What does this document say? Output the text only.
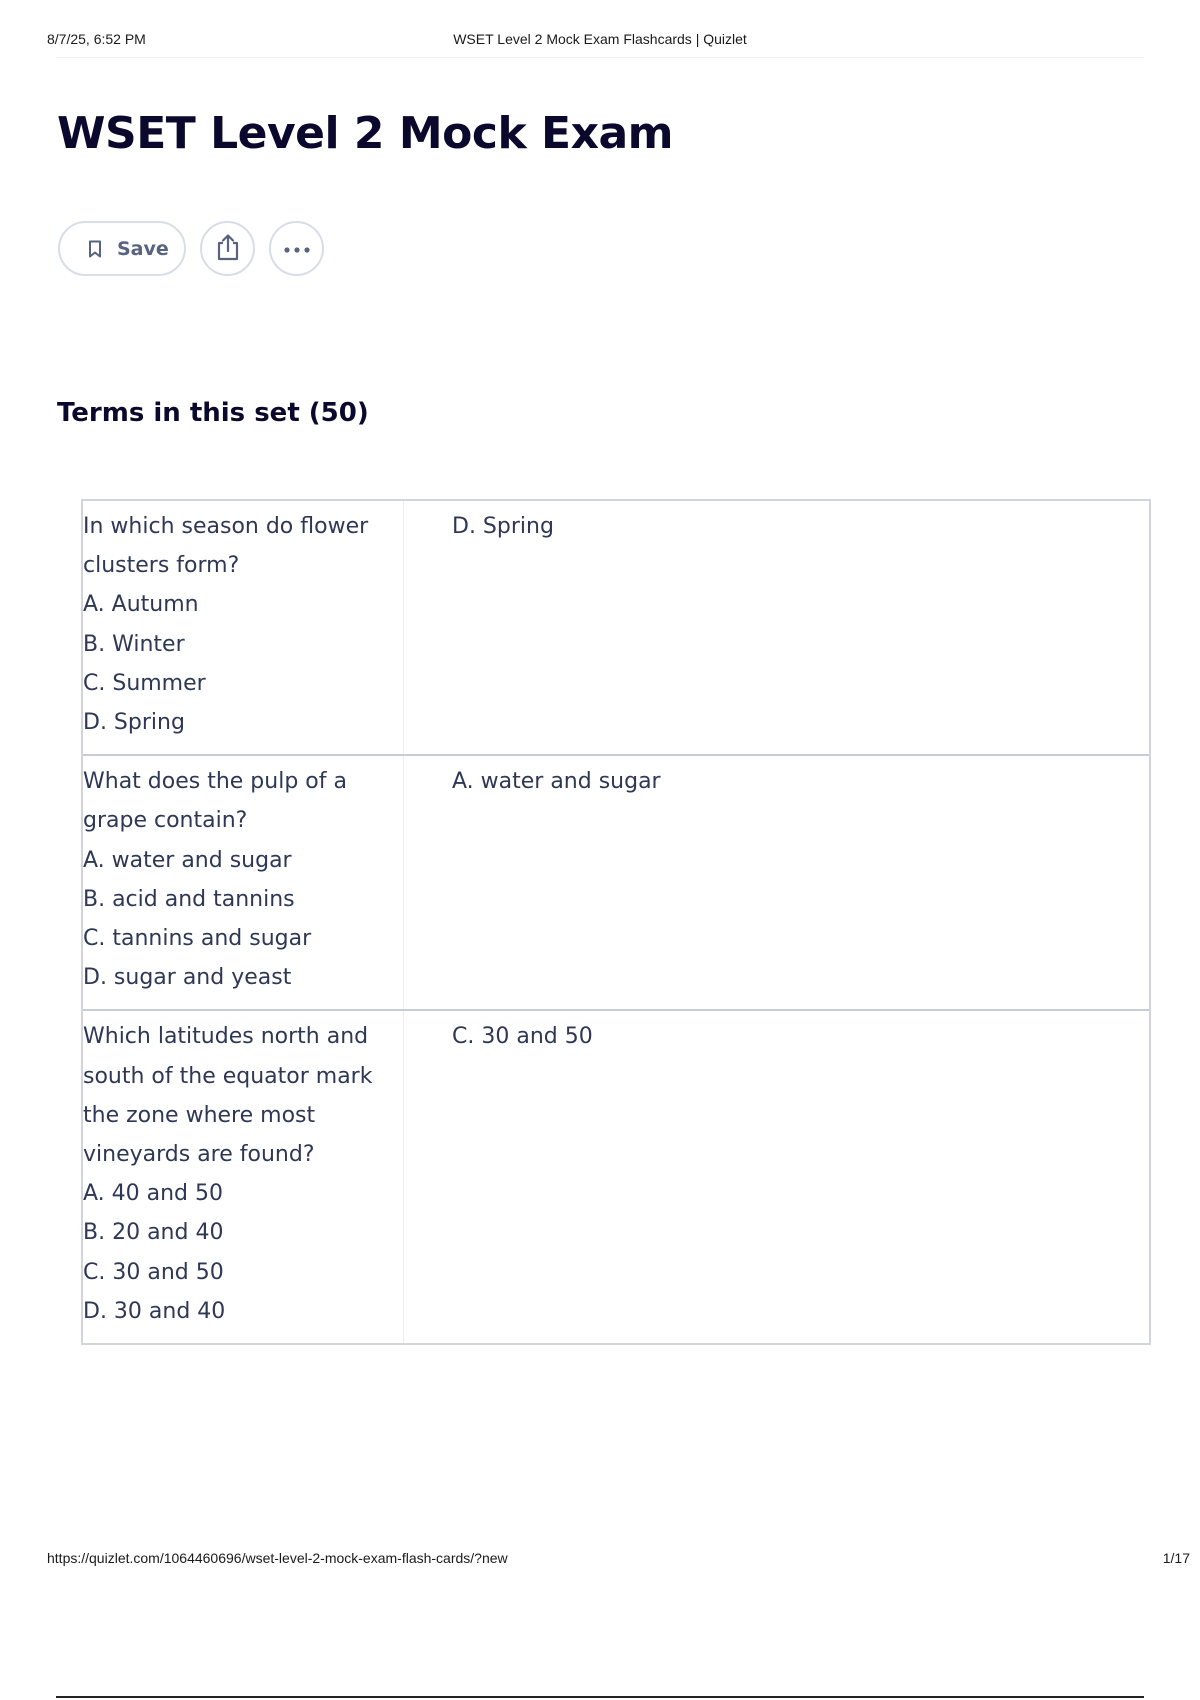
8/7/25, 6:52 PM	WSET Level 2 Mock Exam Flashcards | Quizlet
WSET Level 2 Mock Exam
Save
Terms in this set (50)
In which season do flower
clusters form?
A. Autumn
B. Winter
C. Summer
D. Spring
D. Spring
What does the pulp of a
grape contain?
A. water and sugar
B. acid and tannins
C. tannins and sugar
D. sugar and yeast
A. water and sugar
Which latitudes north and
south of the equator mark
the zone where most
vineyards are found?
A. 40 and 50
B. 20 and 40
C. 30 and 50
D. 30 and 40
C. 30 and 50
https://quizlet.com/1064460696/wset-level-2-mock-exam-flash-cards/?new	1/17
